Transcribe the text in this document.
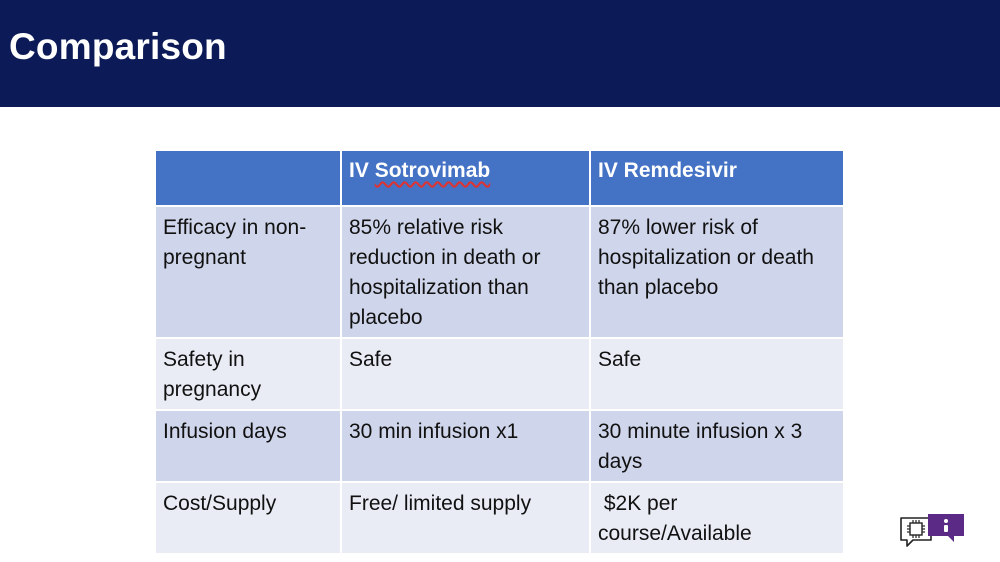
Comparison
	IV Sotrovimab	IV Remdesivir
Efficacy in non-pregnant	85% relative risk reduction in death or hospitalization than placebo	87% lower risk of hospitalization or death than placebo
Safety in pregnancy	Safe	Safe
Infusion days	30 min infusion x1	30 minute infusion x 3 days
Cost/Supply	Free/ limited supply	$2K per course/Available
